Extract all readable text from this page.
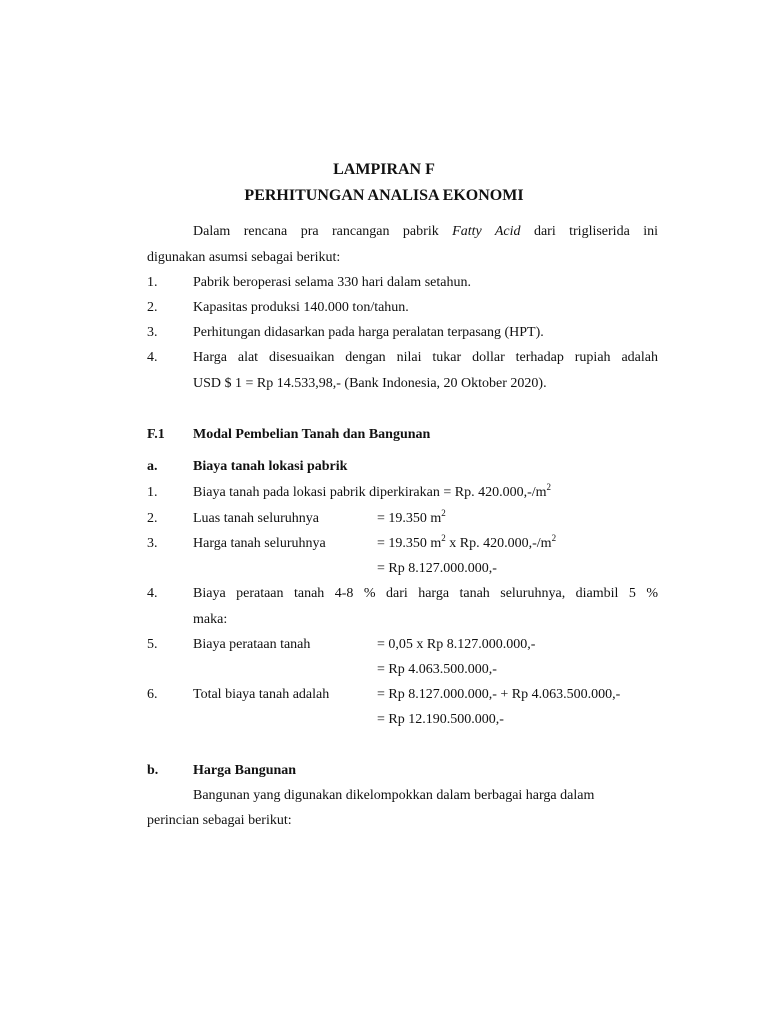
LAMPIRAN F
PERHITUNGAN ANALISA EKONOMI
Dalam rencana pra rancangan pabrik Fatty Acid dari trigliserida ini
digunakan asumsi sebagai berikut:
1.	Pabrik beroperasi selama 330 hari dalam setahun.
2.	Kapasitas produksi 140.000 ton/tahun.
3.	Perhitungan didasarkan pada harga peralatan terpasang (HPT).
4.	Harga alat disesuaikan dengan nilai tukar dollar terhadap rupiah adalah
USD $ 1 = Rp 14.533,98,- (Bank Indonesia, 20 Oktober 2020).
F.1 Modal Pembelian Tanah dan Bangunan
a.	Biaya tanah lokasi pabrik
1.	Biaya tanah pada lokasi pabrik diperkirakan = Rp. $420.000,-/m^2$
2.	Luas tanah seluruhnya	= 19.350 $m^2$
3.	Harga tanah seluruhnya	= 19.350 $m^2$ x Rp. $420.000,-/m^2$
= Rp 8.127.000.000,-
4.	Biaya perataan tanah 4-8 % dari harga tanah seluruhnya, diambil 5 %
maka:
5.	Biaya perataan tanah	= 0,05 x Rp 8.127.000.000,-
= Rp 4.063.500.000,-
6.	Total biaya tanah adalah	= Rp 8.127.000.000,- + Rp 4.063.500.000,-
= Rp 12.190.500.000,-
b. Harga Bangunan
Bangunan yang digunakan dikelompokkan dalam berbagai harga dalam
perincian sebagai berikut:
